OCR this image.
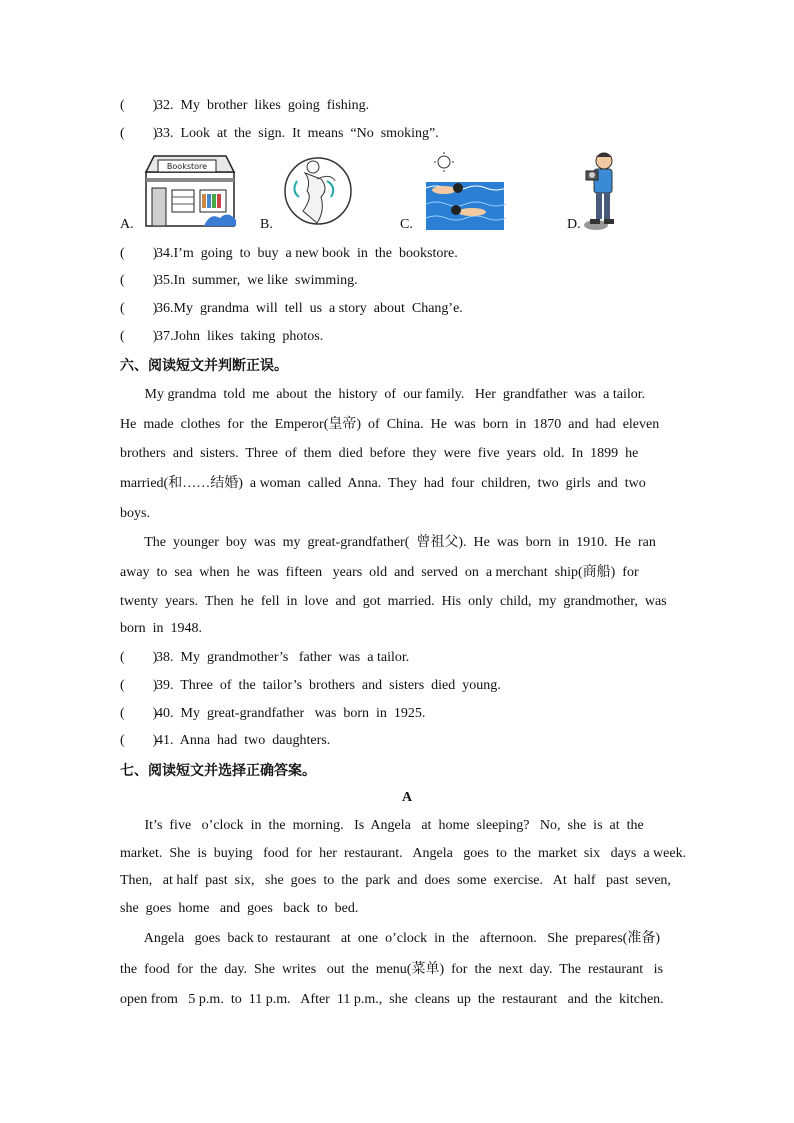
( )32.  My  brother  likes  going  fishing.
( )33.  Look  at  the  sign.  It  means  “No  smoking”.
A.
Bookstore
B.	C.	D.
( )34.I’m  going  to  buy  a new book  in  the  bookstore.
( )35.In  summer,  we like  swimming.
( )36.My  grandma  will  tell  us  a story  about  Chang’e.
( )37.John  likes  taking  photos.
六、阅读短文并判断正误。
My grandma  told  me  about  the  history  of  our family.   Her  grandfather  was  a tailor.
He  made  clothes  for  the  Emperor(皇帝)  of  China.  He  was  born  in  1870  and  had  eleven
brothers  and  sisters.  Three  of  them  died  before  they  were  five  years  old.  In  1899  he
married(和……结婚)  a woman  called  Anna.  They  had  four  children,  two  girls  and  two
boys.
The  younger  boy  was  my  great-grandfather(  曾祖父).  He  was  born  in  1910.  He  ran
away  to  sea  when  he  was  fifteen   years  old  and  served  on  a merchant  ship(商船)  for
twenty  years.  Then  he  fell  in  love  and  got  married.  His  only  child,  my  grandmother,  was
born  in  1948.
( )38.  My  grandmother’s   father  was  a tailor.
( )39.  Three  of  the  tailor’s  brothers  and  sisters  died  young.
( )40.  My  great-grandfather   was  born  in  1925.
( )41.  Anna  had  two  daughters.
七、阅读短文并选择正确答案。
A
It’s  five   o’clock  in  the  morning.   Is  Angela   at  home  sleeping?   No,  she  is  at  the
market.  She  is  buying   food  for  her  restaurant.   Angela   goes  to  the  market  six   days  a week.
Then,   at half  past  six,   she  goes  to  the  park  and  does  some  exercise.   At  half   past  seven,
she  goes  home   and  goes   back  to  bed.
Angela   goes  back to  restaurant   at  one  o’clock  in  the   afternoon.   She  prepares(准备)
the  food  for  the  day.  She  writes   out  the  menu(菜单)  for  the  next  day.  The  restaurant   is
open from   5 p.m.  to  11 p.m.   After  11 p.m.,  she  cleans  up  the  restaurant   and  the  kitchen.
